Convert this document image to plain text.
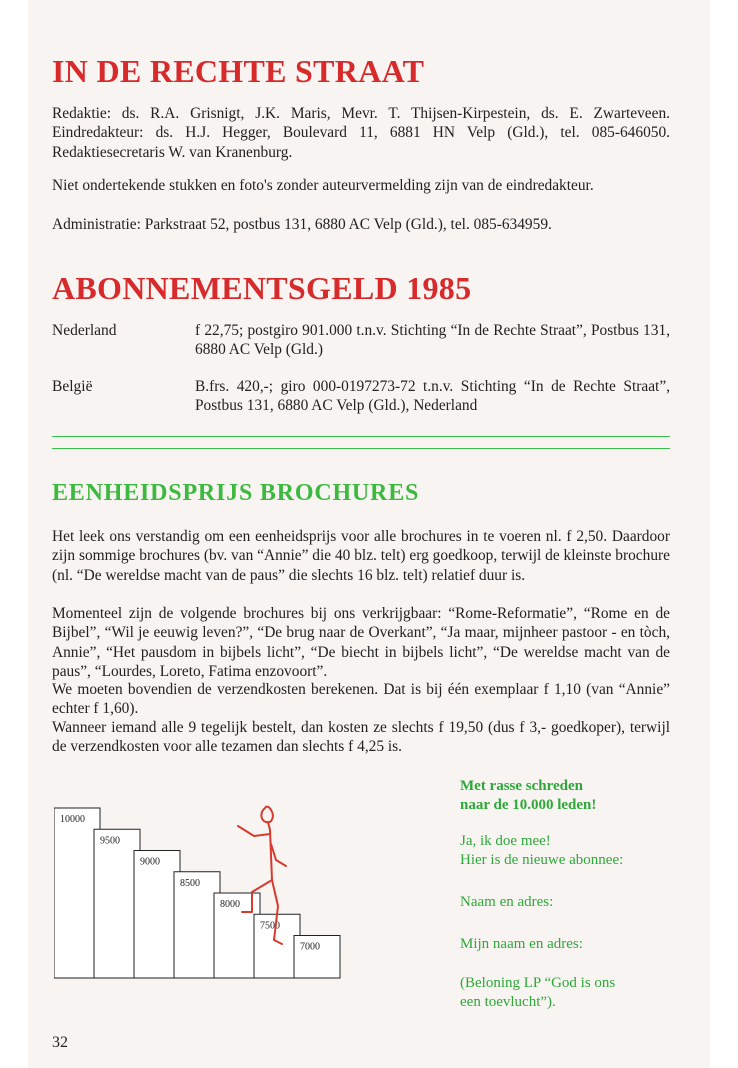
IN DE RECHTE STRAAT

Redaktie: ds. R.A. Grisnigt, J.K. Maris, Mevr. T. Thijsen-Kirpestein, ds. E. Zwarteveen. Eindredakteur: ds. H.J. Hegger, Boulevard 11, 6881 HN Velp (Gld.), tel. 085-646050. Redaktiesecretaris W. van Kranenburg.

Niet ondertekende stukken en foto's zonder auteurvermelding zijn van de eindredakteur.

Administratie: Parkstraat 52, postbus 131, 6880 AC Velp (Gld.), tel. 085-634959.

ABONNEMENTSGELD 1985
Nederland	f 22,75; postgiro 901.000 t.n.v. Stichting “In de Rechte Straat”, Postbus 131, 6880 AC Velp (Gld.)

België	B.frs. 420,-; giro 000-0197273-72 t.n.v. Stichting “In de Rechte Straat”, Postbus 131, 6880 AC Velp (Gld.), Nederland

EENHEIDSPRIJS BROCHURES

Het leek ons verstandig om een eenheidsprijs voor alle brochures in te voeren nl. f 2,50. Daardoor zijn sommige brochures (bv. van “Annie” die 40 blz. telt) erg goedkoop, terwijl de kleinste brochure (nl. “De wereldse macht van de paus” die slechts 16 blz. telt) relatief duur is.

Momenteel zijn de volgende brochures bij ons verkrijgbaar: “Rome-Reformatie”, “Rome en de Bijbel”, “Wil je eeuwig leven?”, “De brug naar de Overkant”, “Ja maar, mijnheer pastoor - en tòch, Annie”, “Het pausdom in bijbels licht”, “De biecht in bijbels licht”, “De wereldse macht van de paus”, “Lourdes, Loreto, Fatima enzovoort”.

We moeten bovendien de verzendkosten berekenen. Dat is bij één exemplaar f 1,10 (van “Annie” echter f 1,60).

Wanneer iemand alle 9 tegelijk bestelt, dan kosten ze slechts f 19,50 (dus f 3,- goedkoper), terwijl de verzendkosten voor alle tezamen dan slechts f 4,25 is.

10000
9500
9000
8500
8000
7500
7000
Met rasse schreden
naar de 10.000 leden!
Ja, ik doe mee!
Hier is de nieuwe abonnee:
Naam en adres:
Mijn naam en adres:
(Beloning LP “God is ons
een toevlucht”).
32
